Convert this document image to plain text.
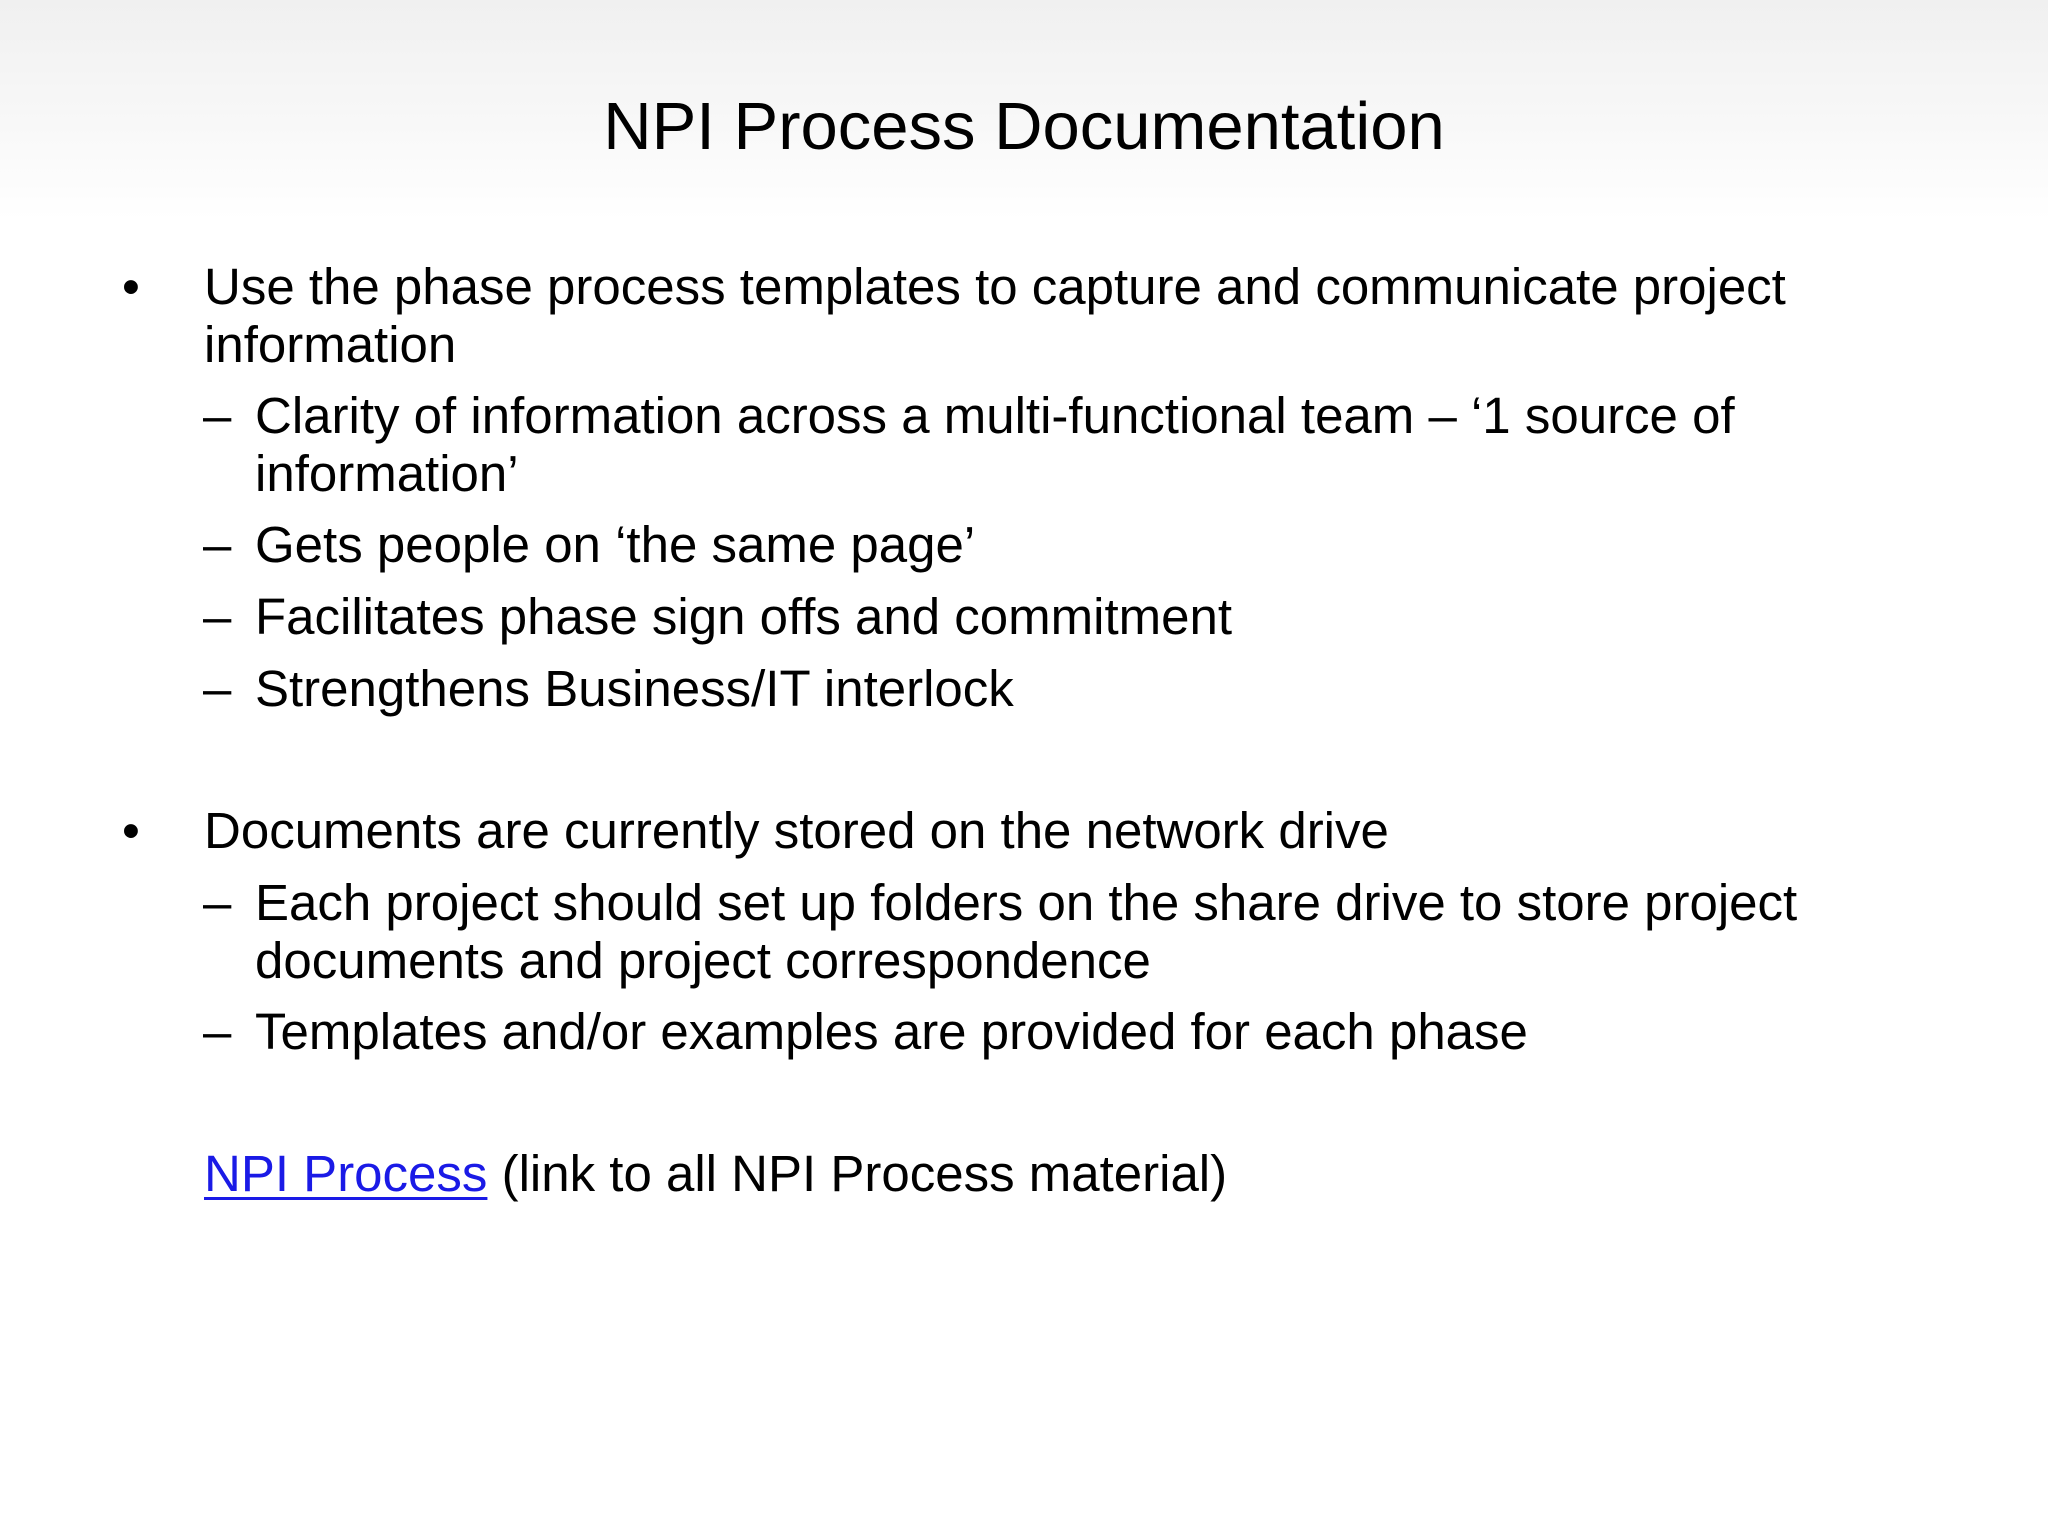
NPI Process Documentation
• Use the phase process templates to capture and communicate project
information
– Clarity of information across a multi-functional team – ‘1 source of
information’
– Gets people on ‘the same page’
– Facilitates phase sign offs and commitment
– Strengthens Business/IT interlock
• Documents are currently stored on the network drive
– Each project should set up folders on the share drive to store project
documents and project correspondence
– Templates and/or examples are provided for each phase
NPI Process (link to all NPI Process material)
